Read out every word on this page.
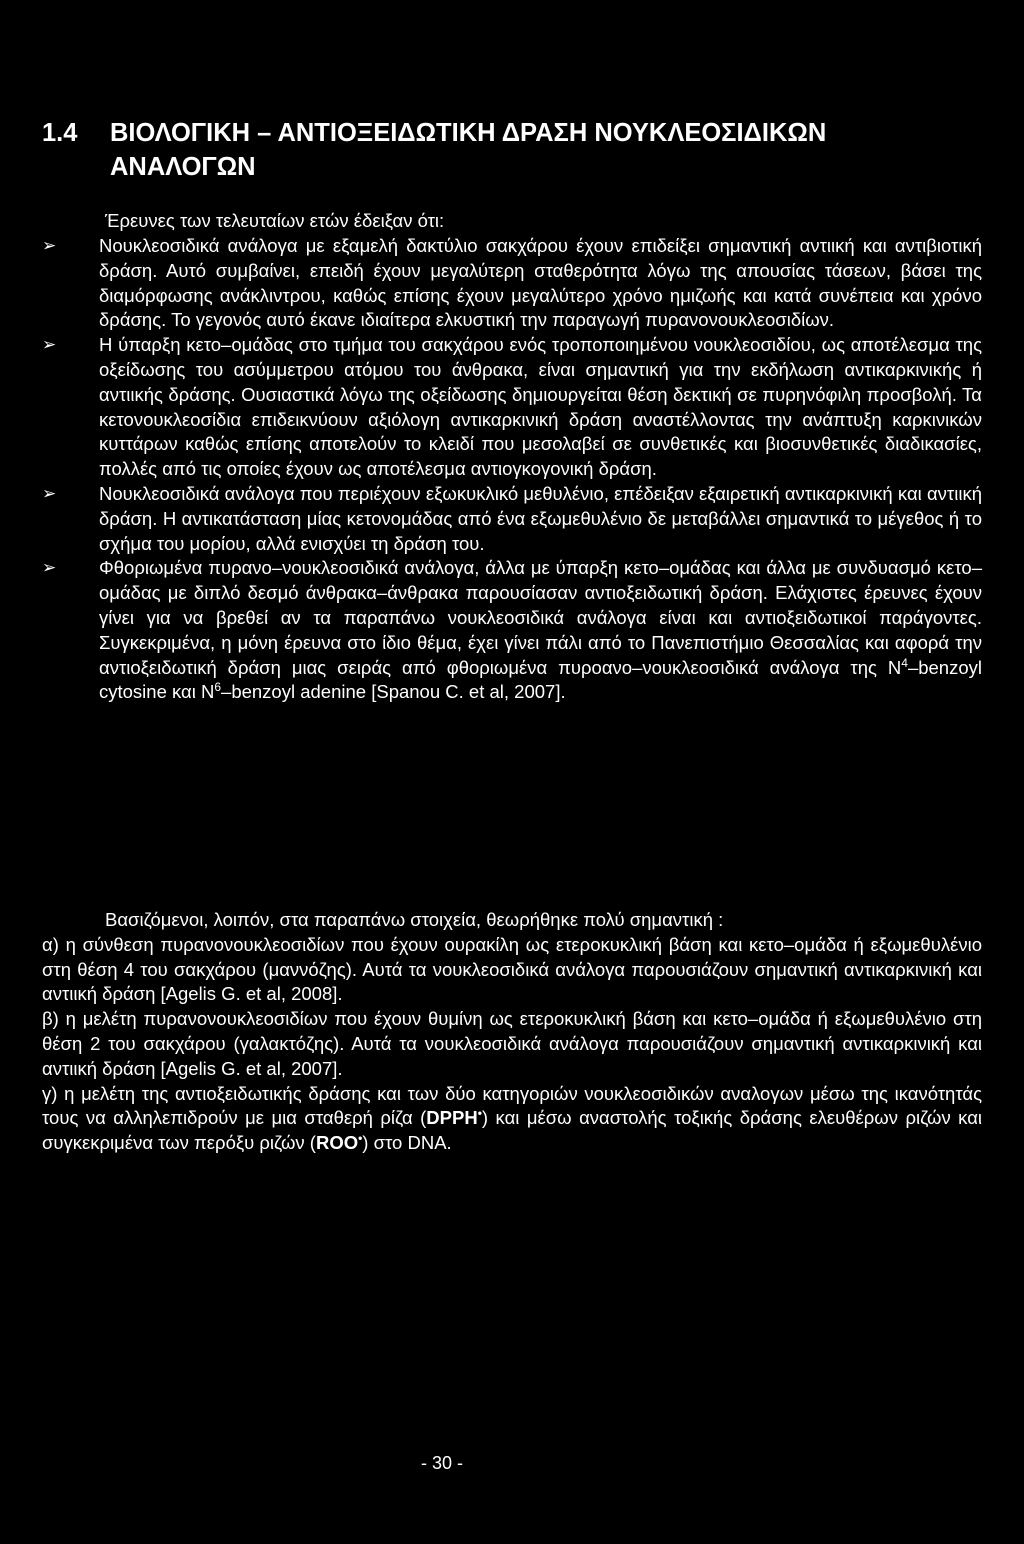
1.4 ΒΙΟΛΟΓΙΚΗ – ΑΝΤΙΟΞΕΙΔΩΤΙΚΗ ΔΡΑΣΗ ΝΟΥΚΛΕΟΣΙΔΙΚΩΝ
ΑΝΑΛΟΓΩΝ

Έρευνες των τελευταίων ετών έδειξαν ότι:

➢	Νουκλεοσιδικά ανάλογα με εξαμελή δακτύλιο σακχάρου έχουν επιδείξει σημαντική αντιική και αντιβιοτική δράση. Αυτό συμβαίνει, επειδή έχουν μεγαλύτερη σταθερότητα λόγω της απουσίας τάσεων, βάσει της διαμόρφωσης ανάκλιντρου, καθώς επίσης έχουν μεγαλύτερο χρόνο ημιζωής και κατά συνέπεια και χρόνο δράσης. Το γεγονός αυτό έκανε ιδιαίτερα ελκυστική την παραγωγή πυρανονουκλεοσιδίων.
➢	Η ύπαρξη κετο–ομάδας στο τμήμα του σακχάρου ενός τροποποιημένου νουκλεοσιδίου, ως αποτέλεσμα της οξείδωσης του ασύμμετρου ατόμου του άνθρακα, είναι σημαντική για την εκδήλωση αντικαρκινικής ή αντιικής δράσης. Ουσιαστικά λόγω της οξείδωσης δημιουργείται θέση δεκτική σε πυρηνόφιλη προσβολή. Τα κετονουκλεοσίδια επιδεικνύουν αξιόλογη αντικαρκινική δράση αναστέλλοντας την ανάπτυξη καρκινικών κυττάρων καθώς επίσης αποτελούν το κλειδί που μεσολαβεί σε συνθετικές και βιοσυνθετικές διαδικασίες, πολλές από τις οποίες έχουν ως αποτέλεσμα αντιογκογονική δράση.
➢	Νουκλεοσιδικά ανάλογα που περιέχουν εξωκυκλικό μεθυλένιο, επέδειξαν εξαιρετική αντικαρκινική και αντιική δράση. Η αντικατάσταση μίας κετονομάδας από ένα εξωμεθυλένιο δε μεταβάλλει σημαντικά το μέγεθος ή το σχήμα του μορίου, αλλά ενισχύει τη δράση του.
➢	Φθοριωμένα πυρανο–νουκλεοσιδικά ανάλογα, άλλα με ύπαρξη κετο–ομάδας και άλλα με συνδυασμό κετο–ομάδας με διπλό δεσμό άνθρακα–άνθρακα παρουσίασαν αντιοξειδωτική δράση. Ελάχιστες έρευνες έχουν γίνει για να βρεθεί αν τα παραπάνω νουκλεοσιδικά ανάλογα είναι και αντιοξειδωτικοί παράγοντες. Συγκεκριμένα, η μόνη έρευνα στο ίδιο θέμα, έχει γίνει πάλι από το Πανεπιστήμιο Θεσσαλίας και αφορά την αντιοξειδωτική δράση μιας σειράς από φθοριωμένα πυροανο–νουκλεοσιδικά ανάλογα της $N^4$–benzoyl cytosine και $N^6$–benzoyl adenine [Spanou C. et al, 2007].
Βασιζόμενοι, λοιπόν, στα παραπάνω στοιχεία, θεωρήθηκε πολύ σημαντική :
α) η σύνθεση πυρανονουκλεοσιδίων που έχουν ουρακίλη ως ετεροκυκλική βάση και κετο–ομάδα ή εξωμεθυλένιο στη θέση 4 του σακχάρου (μαννόζης). Αυτά τα νουκλεοσιδικά ανάλογα παρουσιάζουν σημαντική αντικαρκινική και αντιική δράση [Agelis G. et al, 2008].
β) η μελέτη πυρανονουκλεοσιδίων που έχουν θυμίνη ως ετεροκυκλική βάση και κετο–ομάδα ή εξωμεθυλένιο στη θέση 2 του σακχάρου (γαλακτόζης). Αυτά τα νουκλεοσιδικά ανάλογα παρουσιάζουν σημαντική αντικαρκινική και αντιική δράση [Agelis G. et al, 2007].
γ) η μελέτη της αντιοξειδωτικής δράσης και των δύο κατηγοριών νουκλεοσιδικών αναλογων μέσω της ικανότητάς τους να αλληλεπιδρούν με μια σταθερή ρίζα (DPPH•) και μέσω αναστολής τοξικής δράσης ελευθέρων ριζών και συγκεκριμένα των περόξυ ριζών (ROO•) στο DNA.
- 30 -
